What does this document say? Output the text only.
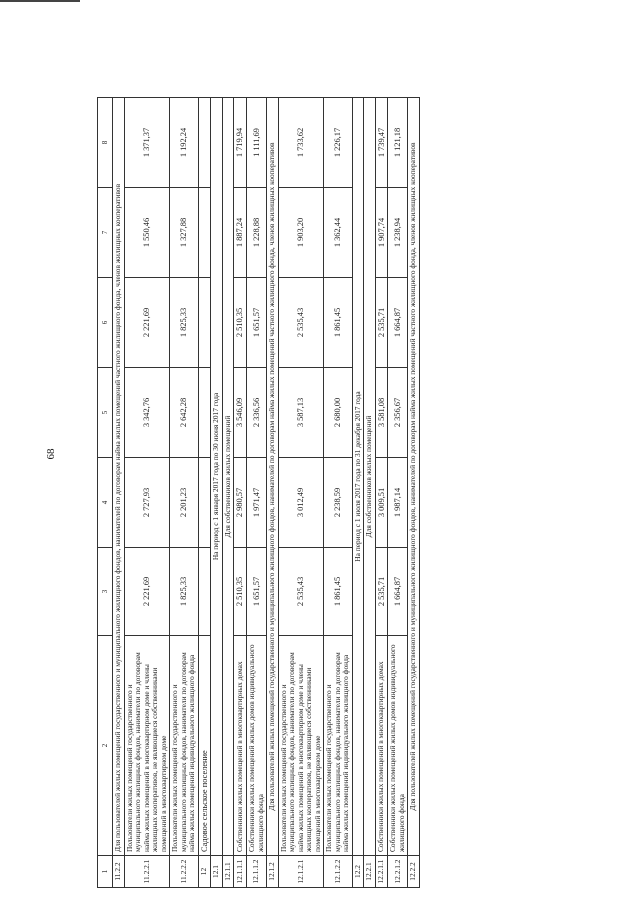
68
1	2	3	4	5	6	7	8
11.2.2	Для пользователей жилых помещений государственного и муниципального жилищного фондов, нанимателей по договорам найма жилых помещений частного жилищного фонда, членов жилищных кооперативов						
11.2.2.1	Пользователи жилых помещений государственного и муниципального жилищных фондов, наниматели по договорам найма жилых помещений в многоквартирном доме и члены жилищных кооперативов, не являющиеся собственниками помещений в многоквартирном доме	2 221,69	2 727,93	3 342,76	2 221,69	1 550,46	1 371,37
11.2.2.2	Пользователи жилых помещений государственного и муниципального жилищных фондов, наниматели по договорам найма жилых помещений индивидуального жилищного фонда	1 825,33	2 201,23	2 642,28	1 825,33	1 327,88	1 192,24
12	Садовое сельское поселение						
12.1	На период с 1 января 2017 года по 30 июня 2017 года						
12.1.1	Для собственников жилых помещений						
12.1.1.1	Собственники жилых помещений в многоквартирных домах	2 510,35	2 980,57	3 546,09	2 510,35	1 887,24	1 719,94
12.1.1.2	Собственники жилых помещений жилых домов индивидуального жилищного фонда	1 651,57	1 971,47	2 336,56	1 651,57	1 228,88	1 111,69
12.1.2	Для пользователей жилых помещений государственного и муниципального жилищного фондов, нанимателей по договорам найма жилых помещений частного жилищного фонда, членов жилищных кооперативов						
12.1.2.1	Пользователи жилых помещений государственного и муниципального жилищных фондов, наниматели по договорам найма жилых помещений в многоквартирном доме и члены жилищных кооперативов, не являющиеся собственниками помещений в многоквартирном доме	2 535,43	3 012,49	3 587,13	2 535,43	1 903,20	1 733,62
12.1.2.2	Пользователи жилых помещений государственного и муниципального жилищных фондов, наниматели по договорам найма жилых помещений индивидуального жилищного фонда	1 861,45	2 238,59	2 680,00	1 861,45	1 362,44	1 226,17
12.2	На период с 1 июля 2017 года по 31 декабря 2017 года						
12.2.1	Для собственников жилых помещений						
12.2.1.1	Собственники жилых помещений в многоквартирных домах	2 535,71	3 009,51	3 581,08	2 535,71	1 907,74	1 739,47
12.2.1.2	Собственники жилых помещений жилых домов индивидуального жилищного фонда	1 664,87	1 987,14	2 356,67	1 664,87	1 238,94	1 121,18
12.2.2	Для пользователей жилых помещений государственного и муниципального жилищного фондов, нанимателей по договорам найма жилых помещений частного жилищного фонда, членов жилищных кооперативов						
